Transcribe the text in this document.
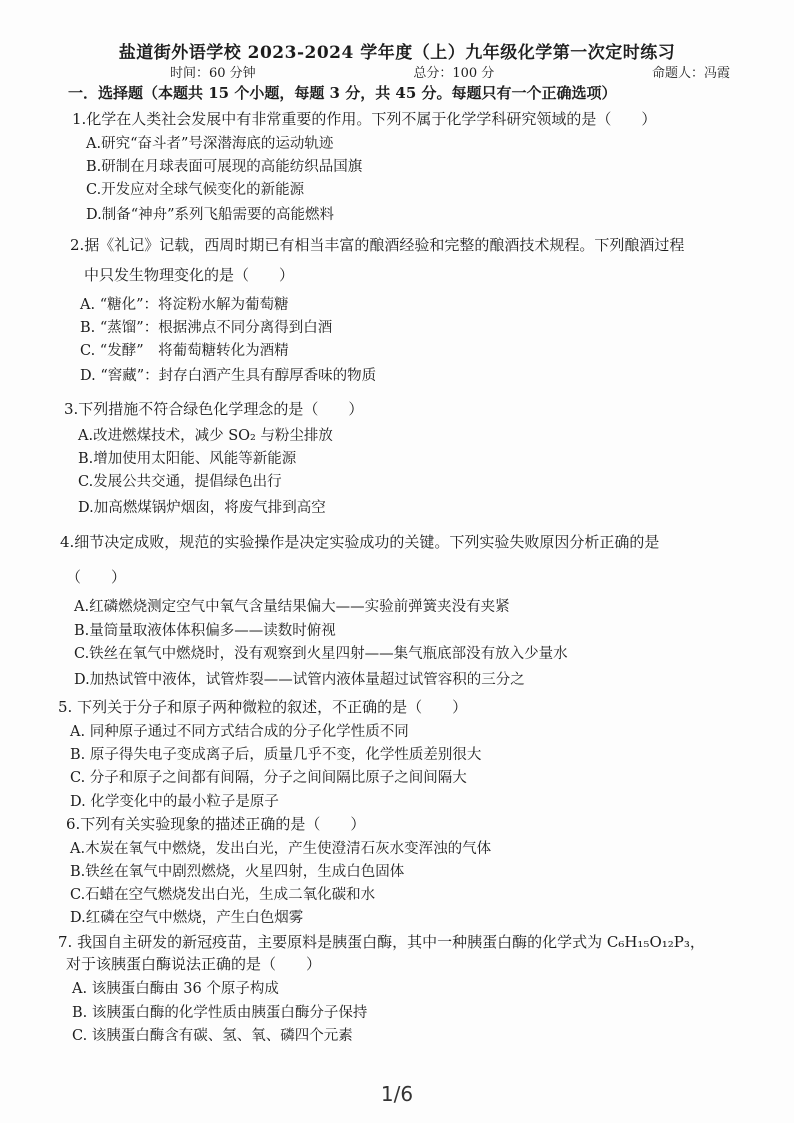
盐道街外语学校 2023-2024 学年度（上）九年级化学第一次定时练习
时间：60 分钟	总分：100 分	命题人：冯霞
一．选择题（本题共 15 个小题，每题 3 分，共 45 分。每题只有一个正确选项）
1.化学在人类社会发展中有非常重要的作用。下列不属于化学学科研究领域的是（　　）
A.研究“奋斗者”号深潜海底的运动轨迹
B.研制在月球表面可展现的高能纺织品国旗
C.开发应对全球气候变化的新能源
D.制备“神舟”系列飞船需要的高能燃料
2.据《礼记》记载，西周时期已有相当丰富的酿酒经验和完整的酿酒技术规程。下列酿酒过程
中只发生物理变化的是（　　）
A. “糖化”：将淀粉水解为葡萄糖
B. “蒸馏”：根据沸点不同分离得到白酒
C. “发酵”　将葡萄糖转化为酒精
D. “窖藏”：封存白酒产生具有醇厚香味的物质
3.下列措施不符合绿色化学理念的是（　　）
A.改进燃煤技术，减少 SO₂ 与粉尘排放
B.增加使用太阳能、风能等新能源
C.发展公共交通，提倡绿色出行
D.加高燃煤锅炉烟囱，将废气排到高空
4.细节决定成败，规范的实验操作是决定实验成功的关键。下列实验失败原因分析正确的是
（　　）
A.红磷燃烧测定空气中氧气含量结果偏大——实验前弹簧夹没有夹紧
B.量筒量取液体体积偏多——读数时俯视
C.铁丝在氧气中燃烧时，没有观察到火星四射——集气瓶底部没有放入少量水
D.加热试管中液体，试管炸裂——试管内液体量超过试管容积的三分之
5. 下列关于分子和原子两种微粒的叙述，不正确的是（　　）
A. 同种原子通过不同方式结合成的分子化学性质不同
B. 原子得失电子变成离子后，质量几乎不变，化学性质差别很大
C. 分子和原子之间都有间隔，分子之间间隔比原子之间间隔大
D. 化学变化中的最小粒子是原子
6.下列有关实验现象的描述正确的是（　　）
A.木炭在氧气中燃烧，发出白光，产生使澄清石灰水变浑浊的气体
B.铁丝在氧气中剧烈燃烧，火星四射，生成白色固体
C.石蜡在空气燃烧发出白光，生成二氧化碳和水
D.红磷在空气中燃烧，产生白色烟雾
7. 我国自主研发的新冠疫苗，主要原料是胰蛋白酶，其中一种胰蛋白酶的化学式为 C₆H₁₅O₁₂P₃，
对于该胰蛋白酶说法正确的是（　　）
A. 该胰蛋白酶由 36 个原子构成
B. 该胰蛋白酶的化学性质由胰蛋白酶分子保持
C. 该胰蛋白酶含有碳、氢、氧、磷四个元素
1/6
